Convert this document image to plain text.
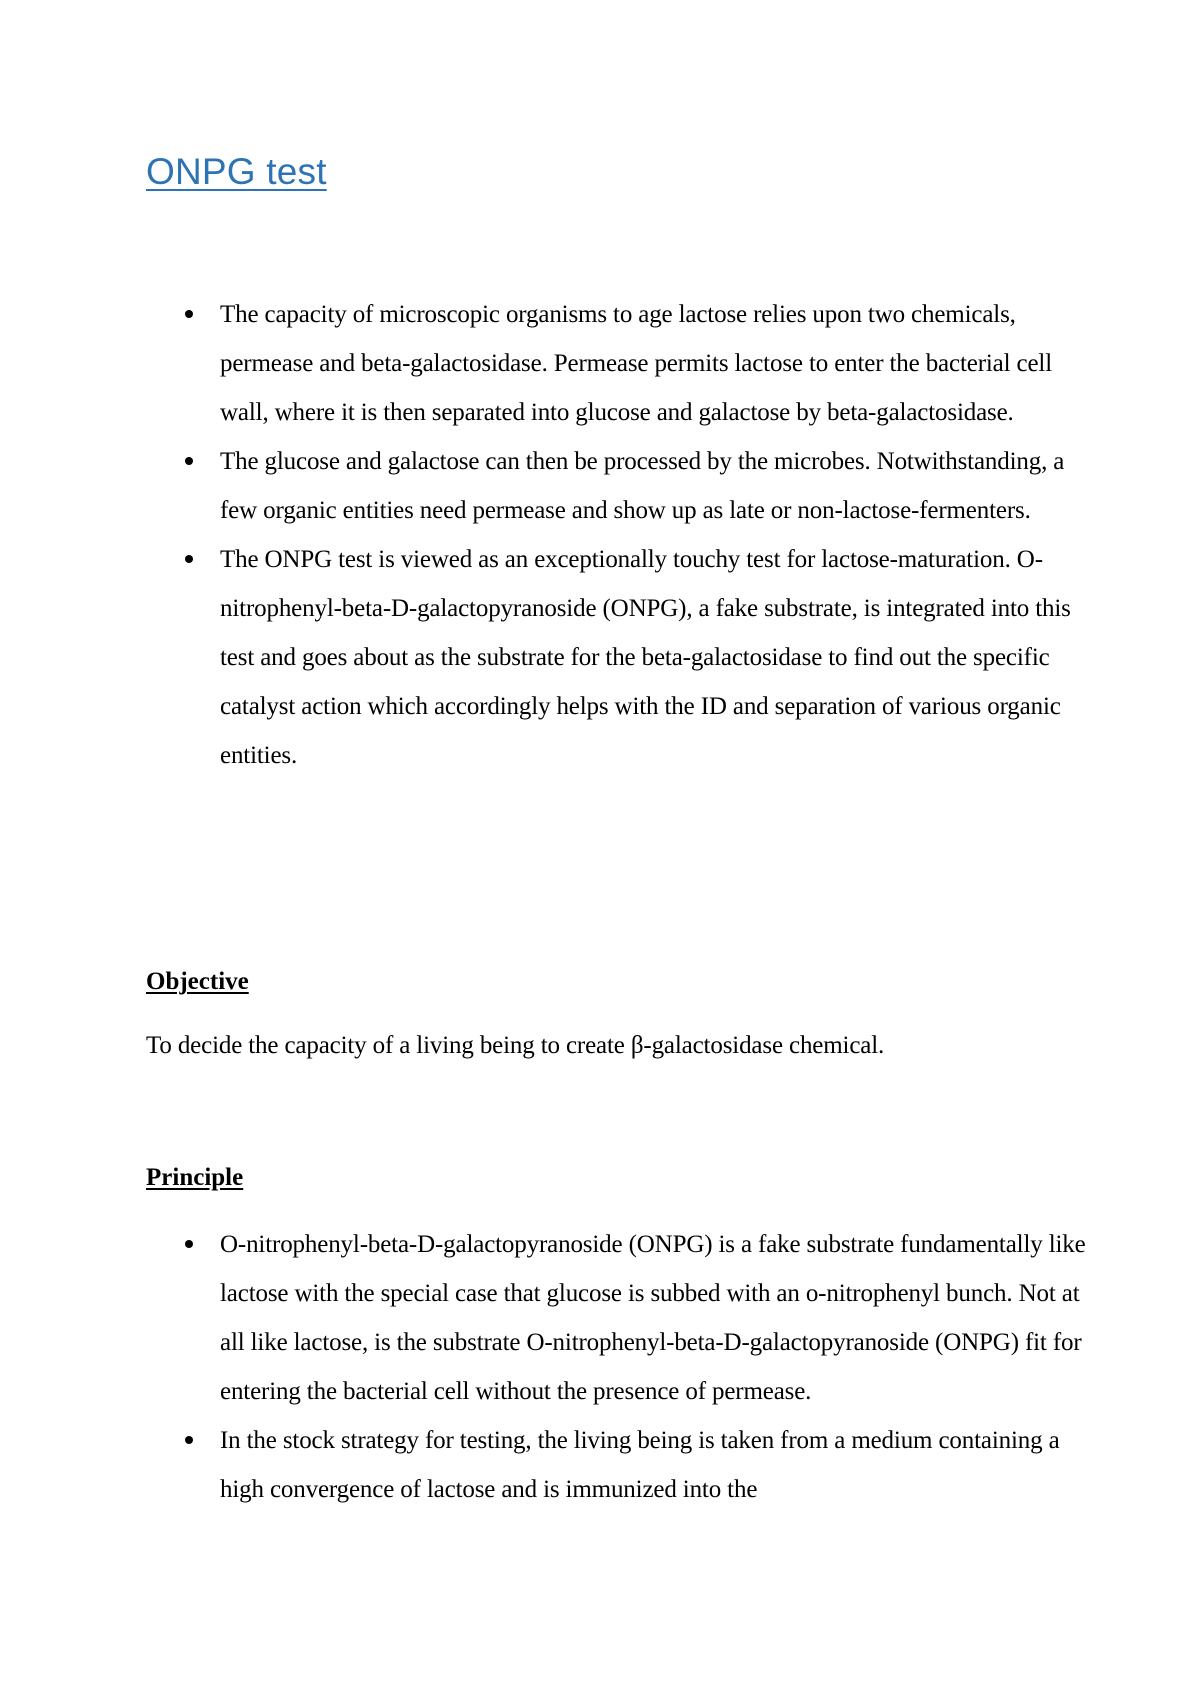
ONPG test
The capacity of microscopic organisms to age lactose relies upon two chemicals, permease and beta-galactosidase. Permease permits lactose to enter the bacterial cell wall, where it is then separated into glucose and galactose by beta-galactosidase.
The glucose and galactose can then be processed by the microbes. Notwithstanding, a few organic entities need permease and show up as late or non-lactose-fermenters.
The ONPG test is viewed as an exceptionally touchy test for lactose-maturation. O-nitrophenyl-beta-D-galactopyranoside (ONPG), a fake substrate, is integrated into this test and goes about as the substrate for the beta-galactosidase to find out the specific catalyst action which accordingly helps with the ID and separation of various organic entities.
Objective

To decide the capacity of a living being to create β-galactosidase chemical.

Principle
O-nitrophenyl-beta-D-galactopyranoside (ONPG) is a fake substrate fundamentally like lactose with the special case that glucose is subbed with an o-nitrophenyl bunch. Not at all like lactose, is the substrate O-nitrophenyl-beta-D-galactopyranoside (ONPG) fit for entering the bacterial cell without the presence of permease.
In the stock strategy for testing, the living being is taken from a medium containing a high convergence of lactose and is immunized into the
